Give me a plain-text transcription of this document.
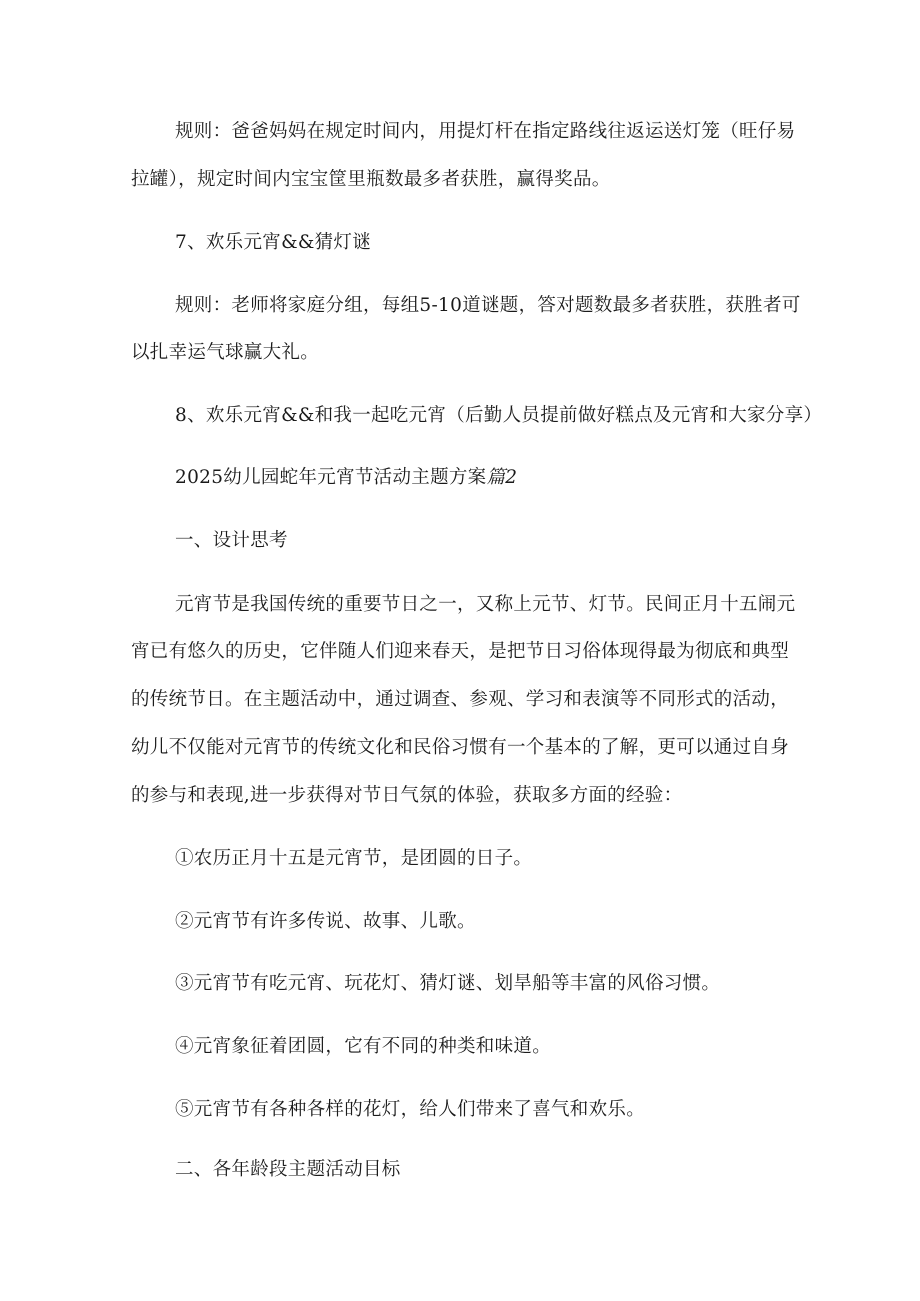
规则：爸爸妈妈在规定时间内，用提灯杆在指定路线往返运送灯笼（旺仔易
拉罐），规定时间内宝宝筐里瓶数最多者获胜，赢得奖品。
7、欢乐元宵&&猜灯谜
规则：老师将家庭分组，每组5-10道谜题，答对题数最多者获胜，获胜者可
以扎幸运气球赢大礼。
8、欢乐元宵&&和我一起吃元宵（后勤人员提前做好糕点及元宵和大家分享）
2025幼儿园蛇年元宵节活动主题方案篇2
一、设计思考
元宵节是我国传统的重要节日之一，又称上元节、灯节。民间正月十五闹元
宵已有悠久的历史，它伴随人们迎来春天，是把节日习俗体现得最为彻底和典型
的传统节日。在主题活动中，通过调查、参观、学习和表演等不同形式的活动，
幼儿不仅能对元宵节的传统文化和民俗习惯有一个基本的了解，更可以通过自身
的参与和表现,进一步获得对节日气氛的体验，获取多方面的经验：
①农历正月十五是元宵节，是团圆的日子。
②元宵节有许多传说、故事、儿歌。
③元宵节有吃元宵、玩花灯、猜灯谜、划旱船等丰富的风俗习惯。
④元宵象征着团圆，它有不同的种类和味道。
⑤元宵节有各种各样的花灯，给人们带来了喜气和欢乐。
二、各年龄段主题活动目标
